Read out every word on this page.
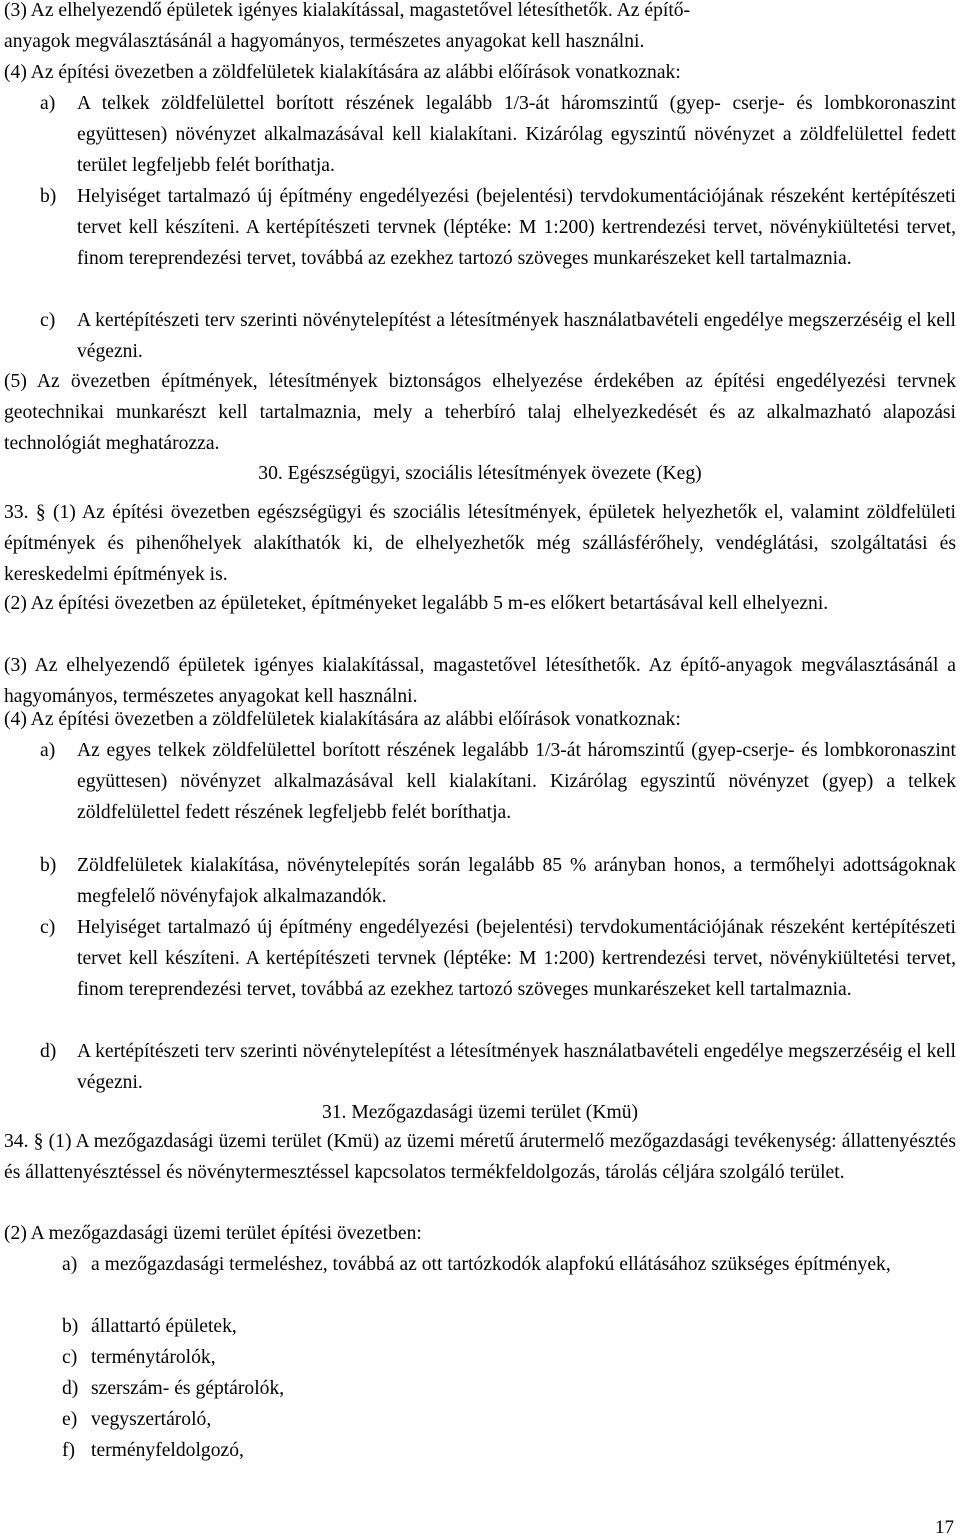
(3) Az elhelyezendő épületek igényes kialakítással, magastetővel létesíthetők. Az építő-

anyagok megválasztásánál a hagyományos, természetes anyagokat kell használni.

(4) Az építési övezetben a zöldfelületek kialakítására az alábbi előírások vonatkoznak:

a) A telkek zöldfelülettel borított részének legalább 1/3-át háromszintű (gyep- cserje- és lombkoronaszint együttesen) növényzet alkalmazásával kell kialakítani. Kizárólag egyszintű növényzet a zöldfelülettel fedett terület legfeljebb felét boríthatja.
b) Helyiséget tartalmazó új építmény engedélyezési (bejelentési) tervdokumentációjának részeként kertépítészeti tervet kell készíteni. A kertépítészeti tervnek (léptéke: M 1:200) kertrendezési tervet, növénykiültetési tervet, finom tereprendezési tervet, továbbá az ezekhez tartozó szöveges munkarészeket kell tartalmaznia.
c) A kertépítészeti terv szerinti növénytelepítést a létesítmények használatbavételi engedélye megszerzéséig el kell végezni.

(5) Az övezetben építmények, létesítmények biztonságos elhelyezése érdekében az építési engedélyezési tervnek geotechnikai munkarészt kell tartalmaznia, mely a teherbíró talaj elhelyezkedését és az alkalmazható alapozási technológiát meghatározza.

30. Egészségügyi, szociális létesítmények övezete (Keg)

33. § (1) Az építési övezetben egészségügyi és szociális létesítmények, épületek helyezhetők el, valamint zöldfelületi építmények és pihenőhelyek alakíthatók ki, de elhelyezhetők még szállásférőhely, vendéglátási, szolgáltatási és kereskedelmi építmények is.

(2) Az építési övezetben az épületeket, építményeket legalább 5 m-es előkert betartásával kell elhelyezni.

(3) Az elhelyezendő épületek igényes kialakítással, magastetővel létesíthetők. Az építő-anyagok megválasztásánál a hagyományos, természetes anyagokat kell használni.

(4) Az építési övezetben a zöldfelületek kialakítására az alábbi előírások vonatkoznak:

a) Az egyes telkek zöldfelülettel borított részének legalább 1/3-át háromszintű (gyep-cserje- és lombkoronaszint együttesen) növényzet alkalmazásával kell kialakítani. Kizárólag egyszintű növényzet (gyep) a telkek zöldfelülettel fedett részének legfeljebb felét boríthatja.
b) Zöldfelületek kialakítása, növénytelepítés során legalább 85 % arányban honos, a termőhelyi adottságoknak megfelelő növényfajok alkalmazandók.
c) Helyiséget tartalmazó új építmény engedélyezési (bejelentési) tervdokumentációjának részeként kertépítészeti tervet kell készíteni. A kertépítészeti tervnek (léptéke: M 1:200) kertrendezési tervet, növénykiültetési tervet, finom tereprendezési tervet, továbbá az ezekhez tartozó szöveges munkarészeket kell tartalmaznia.
d) A kertépítészeti terv szerinti növénytelepítést a létesítmények használatbavételi engedélye megszerzéséig el kell végezni.

31. Mezőgazdasági üzemi terület (Kmü)

34. § (1) A mezőgazdasági üzemi terület (Kmü) az üzemi méretű árutermelő mezőgazdasági tevékenység: állattenyésztés és állattenyésztéssel és növénytermesztéssel kapcsolatos termékfeldolgozás, tárolás céljára szolgáló terület.

(2) A mezőgazdasági üzemi terület építési övezetben:

a) a mezőgazdasági termeléshez, továbbá az ott tartózkodók alapfokú ellátásához szükséges építmények,
b) állattartó épületek,
c) terménytárolók,
d) szerszám- és géptárolók,
e) vegyszertároló,
f) terményfeldolgozó,
17
